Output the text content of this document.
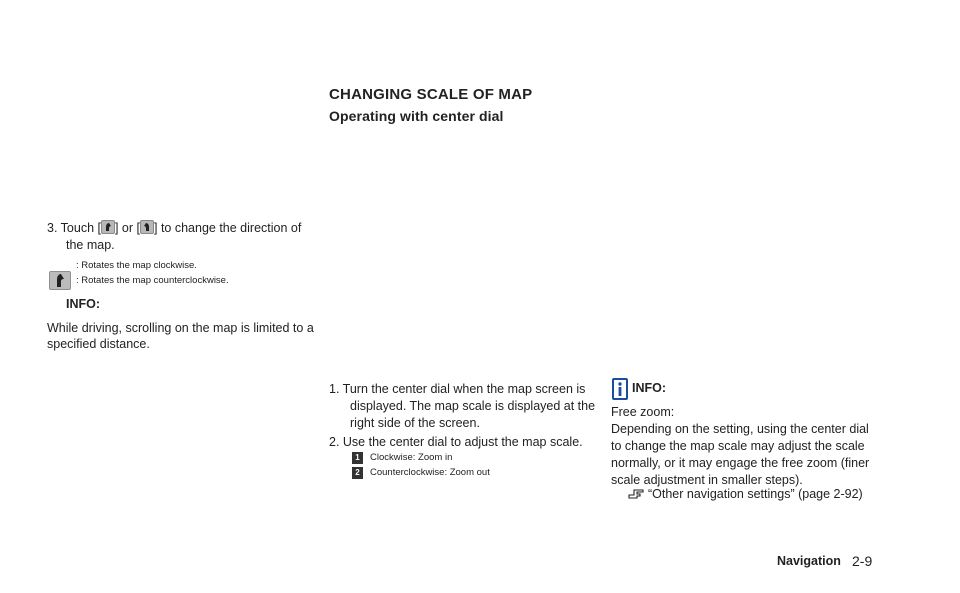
CHANGING SCALE OF MAP
Operating with center dial
3. Touch [ ] or [ ] to change the direction of
the map.
: Rotates the map clockwise.
: Rotates the map counterclockwise.
INFO:
While driving, scrolling on the map is limited to a
specified distance.
1. Turn the center dial when the map screen is
displayed. The map scale is displayed at the
right side of the screen.
2. Use the center dial to adjust the map scale.
1	Clockwise: Zoom in
2	Counterclockwise: Zoom out
INFO:
Free zoom:
Depending on the setting, using the center dial
to change the map scale may adjust the scale
normally, or it may engage the free zoom (finer
scale adjustment in smaller steps).
“Other navigation settings” (page 2-92)
Navigation 2-9
